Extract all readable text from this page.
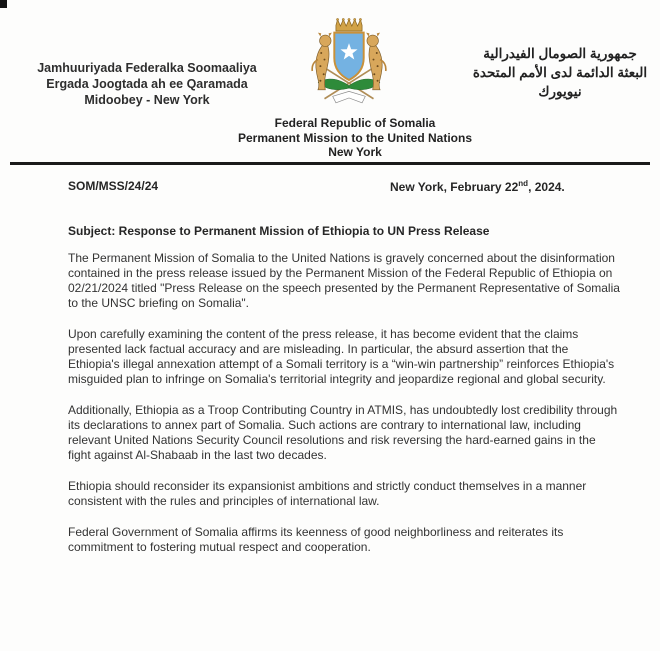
Jamhuuriyada Federalka Soomaaliya
Ergada Joogtada ah ee Qaramada
Midoobey - New York
Federal Republic of Somalia
Permanent Mission to the United Nations
New York
جمهورية الصومال الفيدرالية
البعثة الدائمة لدى الأمم المتحدة
نيويورك
SOM/MSS/24/24	New York, February 22nd, 2024.
Subject: Response to Permanent Mission of Ethiopia to UN Press Release

The Permanent Mission of Somalia to the United Nations is gravely concerned about the disinformation contained in the press release issued by the Permanent Mission of the Federal Republic of Ethiopia on 02/21/2024 titled "Press Release on the speech presented by the Permanent Representative of Somalia to the UNSC briefing on Somalia".

Upon carefully examining the content of the press release, it has become evident that the claims presented lack factual accuracy and are misleading. In particular, the absurd assertion that the Ethiopia's illegal annexation attempt of a Somali territory is a “win-win partnership” reinforces Ethiopia's misguided plan to infringe on Somalia's territorial integrity and jeopardize regional and global security.

Additionally, Ethiopia as a Troop Contributing Country in ATMIS, has undoubtedly lost credibility through its declarations to annex part of Somalia. Such actions are contrary to international law, including relevant United Nations Security Council resolutions and risk reversing the hard-earned gains in the fight against Al-Shabaab in the last two decades.

Ethiopia should reconsider its expansionist ambitions and strictly conduct themselves in a manner consistent with the rules and principles of international law.

Federal Government of Somalia affirms its keenness of good neighborliness and reiterates its commitment to fostering mutual respect and cooperation.
